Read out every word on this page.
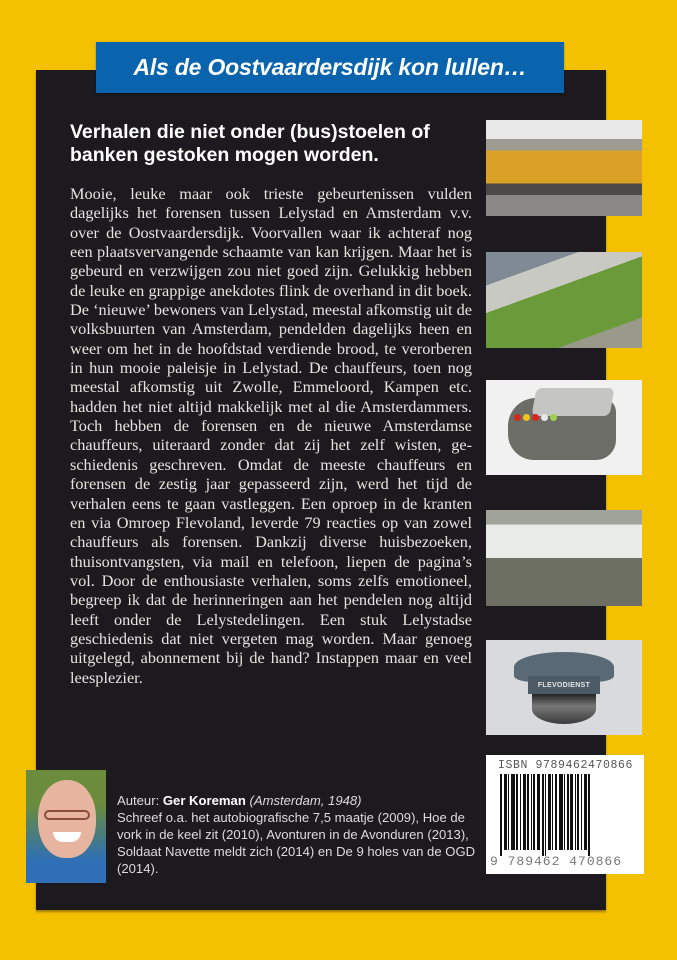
Als de Oostvaardersdijk kon lullen…
Verhalen die niet onder (bus)stoelen of banken gestoken mogen worden.
Mooie, leuke maar ook trieste gebeurtenissen vulden dagelijks het forensen tussen Lelystad en Amsterdam v.v. over de Oostvaardersdijk. Voorvallen waar ik achteraf nog een plaatsvervangende schaamte van kan krijgen. Maar het is gebeurd en verzwijgen zou niet goed zijn. Gelukkig hebben de leuke en grappige anekdotes flink de overhand in dit boek. De ‘nieuwe’ bewoners van Lelystad, meestal afkomstig uit de volksbuurten van Amsterdam, pendelden dagelijks heen en weer om het in de hoofdstad verdiende brood, te verorberen in hun mooie paleisje in Lelystad. De chauffeurs, toen nog meestal afkomstig uit Zwolle, Emmeloord, Kampen etc. hadden het niet altijd makkelijk met al die Amsterdammers. Toch hebben de forensen en de nieuwe Amsterdamse chauffeurs, uiteraard zonder dat zij het zelf wisten, geschiedenis geschreven. Omdat de meeste chauffeurs en forensen de zestig jaar gepasseerd zijn, werd het tijd de verhalen eens te gaan vastleggen. Een oproep in de kranten en via Omroep Flevoland, leverde 79 reacties op van zowel chauffeurs als forensen. Dankzij diverse huisbezoeken, thuisontvangsten, via mail en telefoon, liepen de pagina’s vol. Door de enthousiaste verhalen, soms zelfs emotioneel, begreep ik dat de herinneringen aan het pendelen nog altijd leeft onder de Lelystedelingen. Een stuk Lelystadse geschiedenis dat niet vergeten mag worden. Maar genoeg uitgelegd, abonnement bij de hand? Instappen maar en veel leesplezier.	FLEVODIENST
Auteur: Ger Koreman (Amsterdam, 1948)
Schreef o.a. het autobiografische 7,5 maatje (2009), Hoe de vork in de keel zit (2010), Avonturen in de Avonduren (2013), Soldaat Navette meldt zich (2014) en De 9 holes van de OGD (2014).
ISBN 9789462470866
9 789462 470866
